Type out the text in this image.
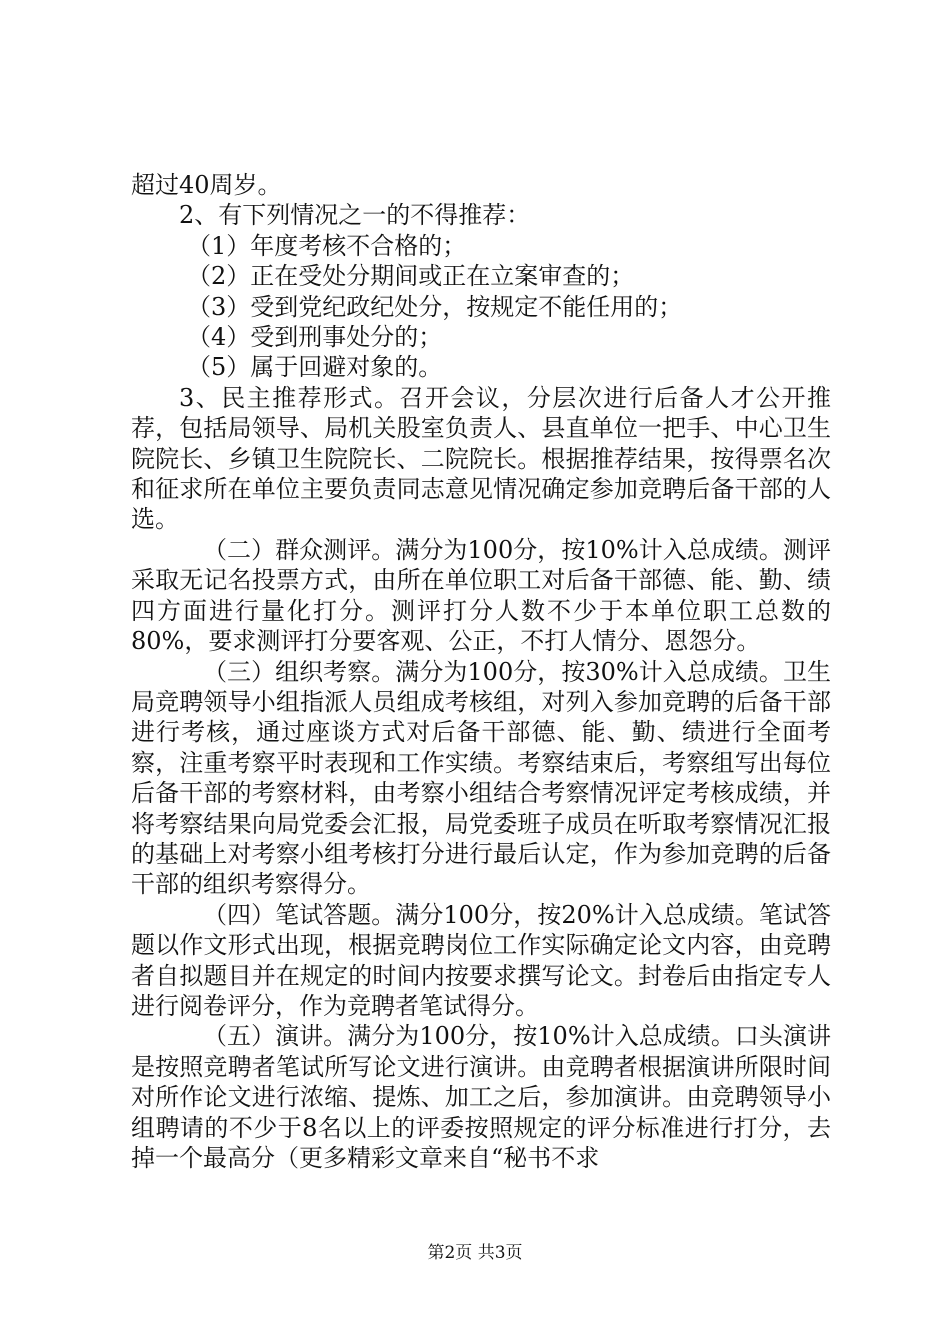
超过40周岁。

2、有下列情况之一的不得推荐：

（1）年度考核不合格的；

（2）正在受处分期间或正在立案审查的；

（3）受到党纪政纪处分，按规定不能任用的；

（4）受到刑事处分的；

（5）属于回避对象的。

3、民主推荐形式。召开会议，分层次进行后备人才公开推荐，包括局领导、局机关股室负责人、县直单位一把手、中心卫生院院长、乡镇卫生院院长、二院院长。根据推荐结果，按得票名次和征求所在单位主要负责同志意见情况确定参加竞聘后备干部的人选。

（二）群众测评。满分为100分，按10%计入总成绩。测评采取无记名投票方式，由所在单位职工对后备干部德、能、勤、绩四方面进行量化打分。测评打分人数不少于本单位职工总数的80%，要求测评打分要客观、公正，不打人情分、恩怨分。

（三）组织考察。满分为100分，按30%计入总成绩。卫生局竞聘领导小组指派人员组成考核组，对列入参加竞聘的后备干部进行考核，通过座谈方式对后备干部德、能、勤、绩进行全面考察，注重考察平时表现和工作实绩。考察结束后，考察组写出每位后备干部的考察材料，由考察小组结合考察情况评定考核成绩，并将考察结果向局党委会汇报，局党委班子成员在听取考察情况汇报的基础上对考察小组考核打分进行最后认定，作为参加竞聘的后备干部的组织考察得分。

（四）笔试答题。满分100分，按20%计入总成绩。笔试答题以作文形式出现，根据竞聘岗位工作实际确定论文内容，由竞聘者自拟题目并在规定的时间内按要求撰写论文。封卷后由指定专人进行阅卷评分，作为竞聘者笔试得分。

（五）演讲。满分为100分，按10%计入总成绩。口头演讲是按照竞聘者笔试所写论文进行演讲。由竞聘者根据演讲所限时间对所作论文进行浓缩、提炼、加工之后，参加演讲。由竞聘领导小组聘请的不少于8名以上的评委按照规定的评分标准进行打分，去掉一个最高分（更多精彩文章来自“秘书不求

第2页 共3页
